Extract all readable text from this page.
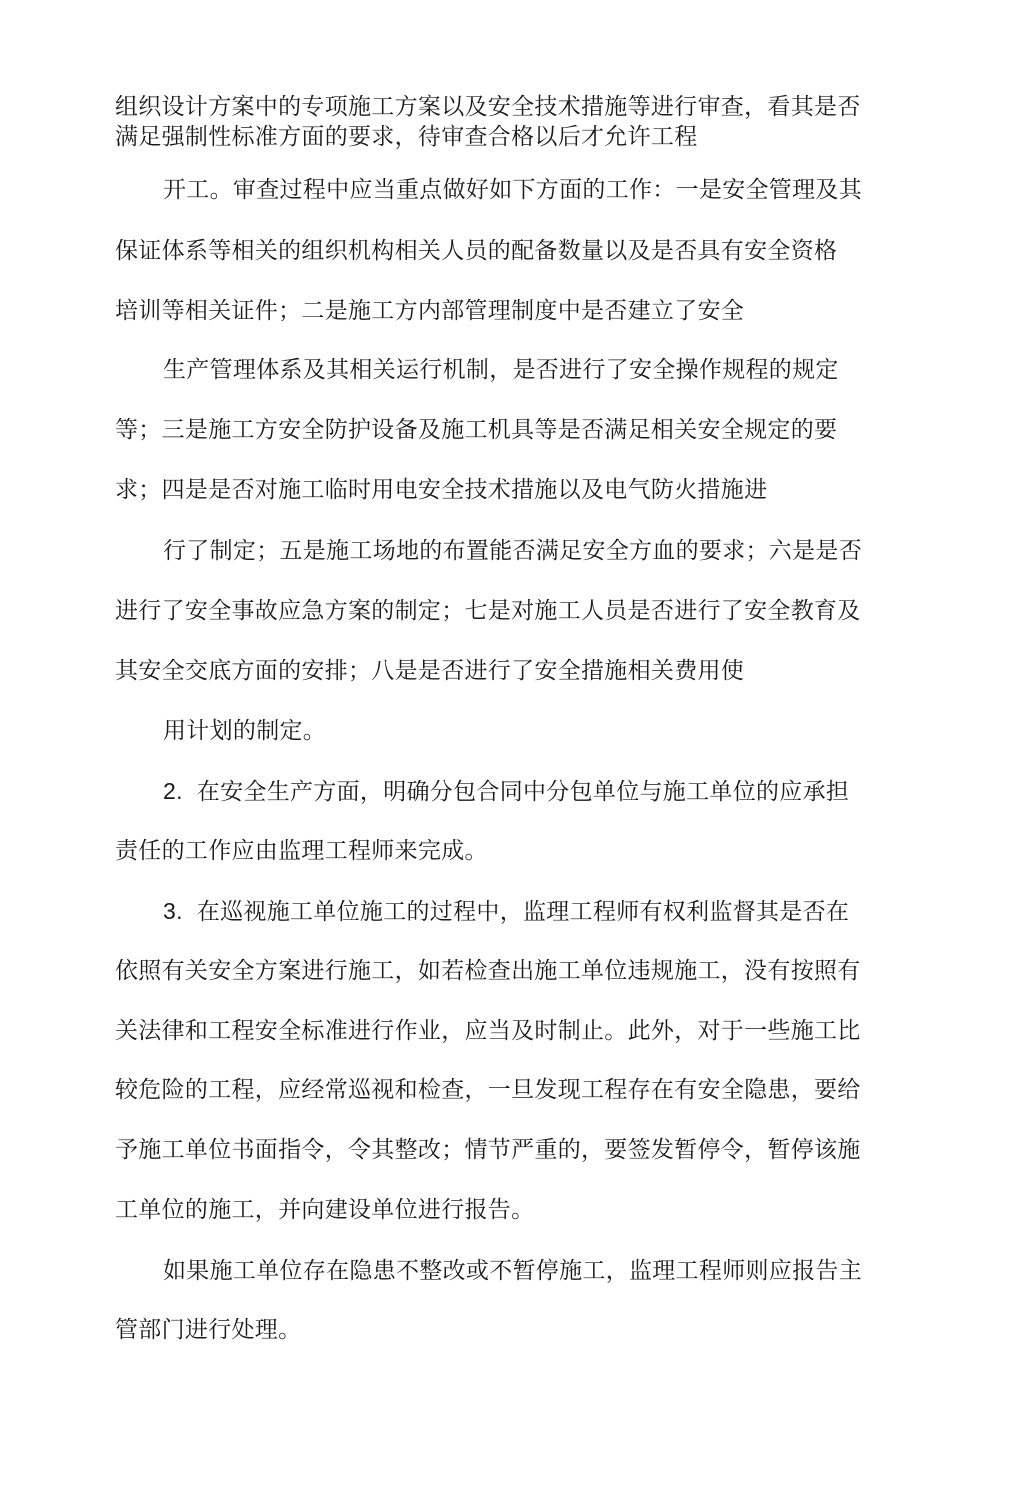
组织设计方案中的专项施工方案以及安全技术措施等进行审查，看其是否
满足强制性标准方面的要求，待审查合格以后才允许工程
开工。审查过程中应当重点做好如下方面的工作：一是安全管理及其
保证体系等相关的组织机构相关人员的配备数量以及是否具有安全资格
培训等相关证件；二是施工方内部管理制度中是否建立了安全
生产管理体系及其相关运行机制，是否进行了安全操作规程的规定
等；三是施工方安全防护设备及施工机具等是否满足相关安全规定的要
求；四是是否对施工临时用电安全技术措施以及电气防火措施进
行了制定；五是施工场地的布置能否满足安全方血的要求；六是是否
进行了安全事故应急方案的制定；七是对施工人员是否进行了安全教育及
其安全交底方面的安排；八是是否进行了安全措施相关费用使
用计划的制定。
2. 在安全生产方面，明确分包合同中分包单位与施工单位的应承担
责任的工作应由监理工程师来完成。
3. 在巡视施工单位施工的过程中，监理工程师有权利监督其是否在
依照有关安全方案进行施工，如若检查出施工单位违规施工，没有按照有
关法律和工程安全标准进行作业，应当及时制止。此外，对于一些施工比
较危险的工程，应经常巡视和检查，一旦发现工程存在有安全隐患，要给
予施工单位书面指令，令其整改；情节严重的，要签发暂停令，暂停该施
工单位的施工，并向建设单位进行报告。
如果施工单位存在隐患不整改或不暂停施工，监理工程师则应报告主
管部门进行处理。
